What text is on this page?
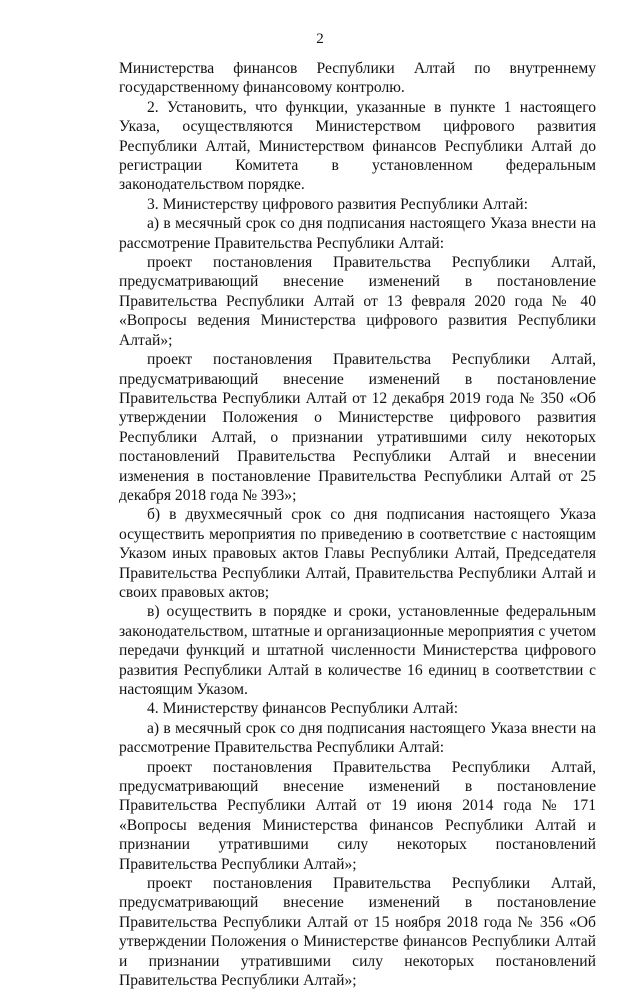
2

Министерства финансов Республики Алтай по внутреннему государственному финансовому контролю.

2. Установить, что функции, указанные в пункте 1 настоящего Указа, осуществляются Министерством цифрового развития Республики Алтай, Министерством финансов Республики Алтай до регистрации Комитета в установленном федеральным законодательством порядке.

3. Министерству цифрового развития Республики Алтай:

а) в месячный срок со дня подписания настоящего Указа внести на рассмотрение Правительства Республики Алтай:

проект постановления Правительства Республики Алтай, предусматривающий внесение изменений в постановление Правительства Республики Алтай от 13 февраля 2020 года № 40 «Вопросы ведения Министерства цифрового развития Республики Алтай»;

проект постановления Правительства Республики Алтай, предусматривающий внесение изменений в постановление Правительства Республики Алтай от 12 декабря 2019 года № 350 «Об утверждении Положения о Министерстве цифрового развития Республики Алтай, о признании утратившими силу некоторых постановлений Правительства Республики Алтай и внесении изменения в постановление Правительства Республики Алтай от 25 декабря 2018 года № 393»;

б) в двухмесячный срок со дня подписания настоящего Указа осуществить мероприятия по приведению в соответствие с настоящим Указом иных правовых актов Главы Республики Алтай, Председателя Правительства Республики Алтай, Правительства Республики Алтай и своих правовых актов;

в) осуществить в порядке и сроки, установленные федеральным законодательством, штатные и организационные мероприятия с учетом передачи функций и штатной численности Министерства цифрового развития Республики Алтай в количестве 16 единиц в соответствии с настоящим Указом.

4. Министерству финансов Республики Алтай:

а) в месячный срок со дня подписания настоящего Указа внести на рассмотрение Правительства Республики Алтай:

проект постановления Правительства Республики Алтай, предусматривающий внесение изменений в постановление Правительства Республики Алтай от 19 июня 2014 года № 171 «Вопросы ведения Министерства финансов Республики Алтай и признании утратившими силу некоторых постановлений Правительства Республики Алтай»;

проект постановления Правительства Республики Алтай, предусматривающий внесение изменений в постановление Правительства Республики Алтай от 15 ноября 2018 года № 356 «Об утверждении Положения о Министерстве финансов Республики Алтай и признании утратившими силу некоторых постановлений Правительства Республики Алтай»;
